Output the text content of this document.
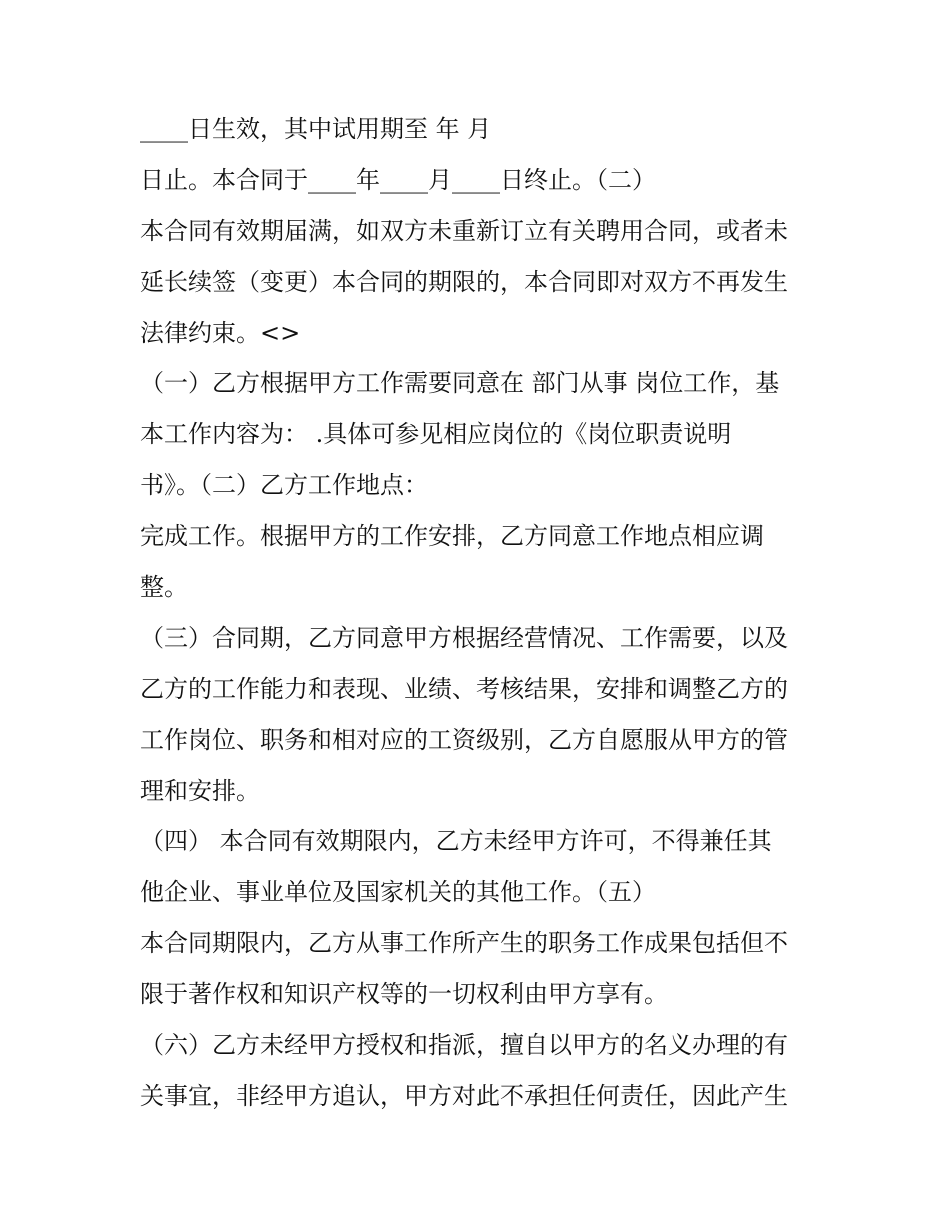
____日生效，其中试用期至 年 月
日止。本合同于____年____月____日终止。（二）
本合同有效期届满，如双方未重新订立有关聘用合同，或者未
延长续签（变更）本合同的期限的，本合同即对双方不再发生
法律约束。<>
（一）乙方根据甲方工作需要同意在 部门从事 岗位工作，基
本工作内容为： .具体可参见相应岗位的《岗位职责说明
书》。（二）乙方工作地点：
完成工作。根据甲方的工作安排，乙方同意工作地点相应调
整。
（三）合同期，乙方同意甲方根据经营情况、工作需要，以及
乙方的工作能力和表现、业绩、考核结果，安排和调整乙方的
工作岗位、职务和相对应的工资级别，乙方自愿服从甲方的管
理和安排。
（四） 本合同有效期限内，乙方未经甲方许可，不得兼任其
他企业、事业单位及国家机关的其他工作。（五）
本合同期限内，乙方从事工作所产生的职务工作成果包括但不
限于著作权和知识产权等的一切权利由甲方享有。
（六）乙方未经甲方授权和指派，擅自以甲方的名义办理的有
关事宜，非经甲方追认，甲方对此不承担任何责任，因此产生
